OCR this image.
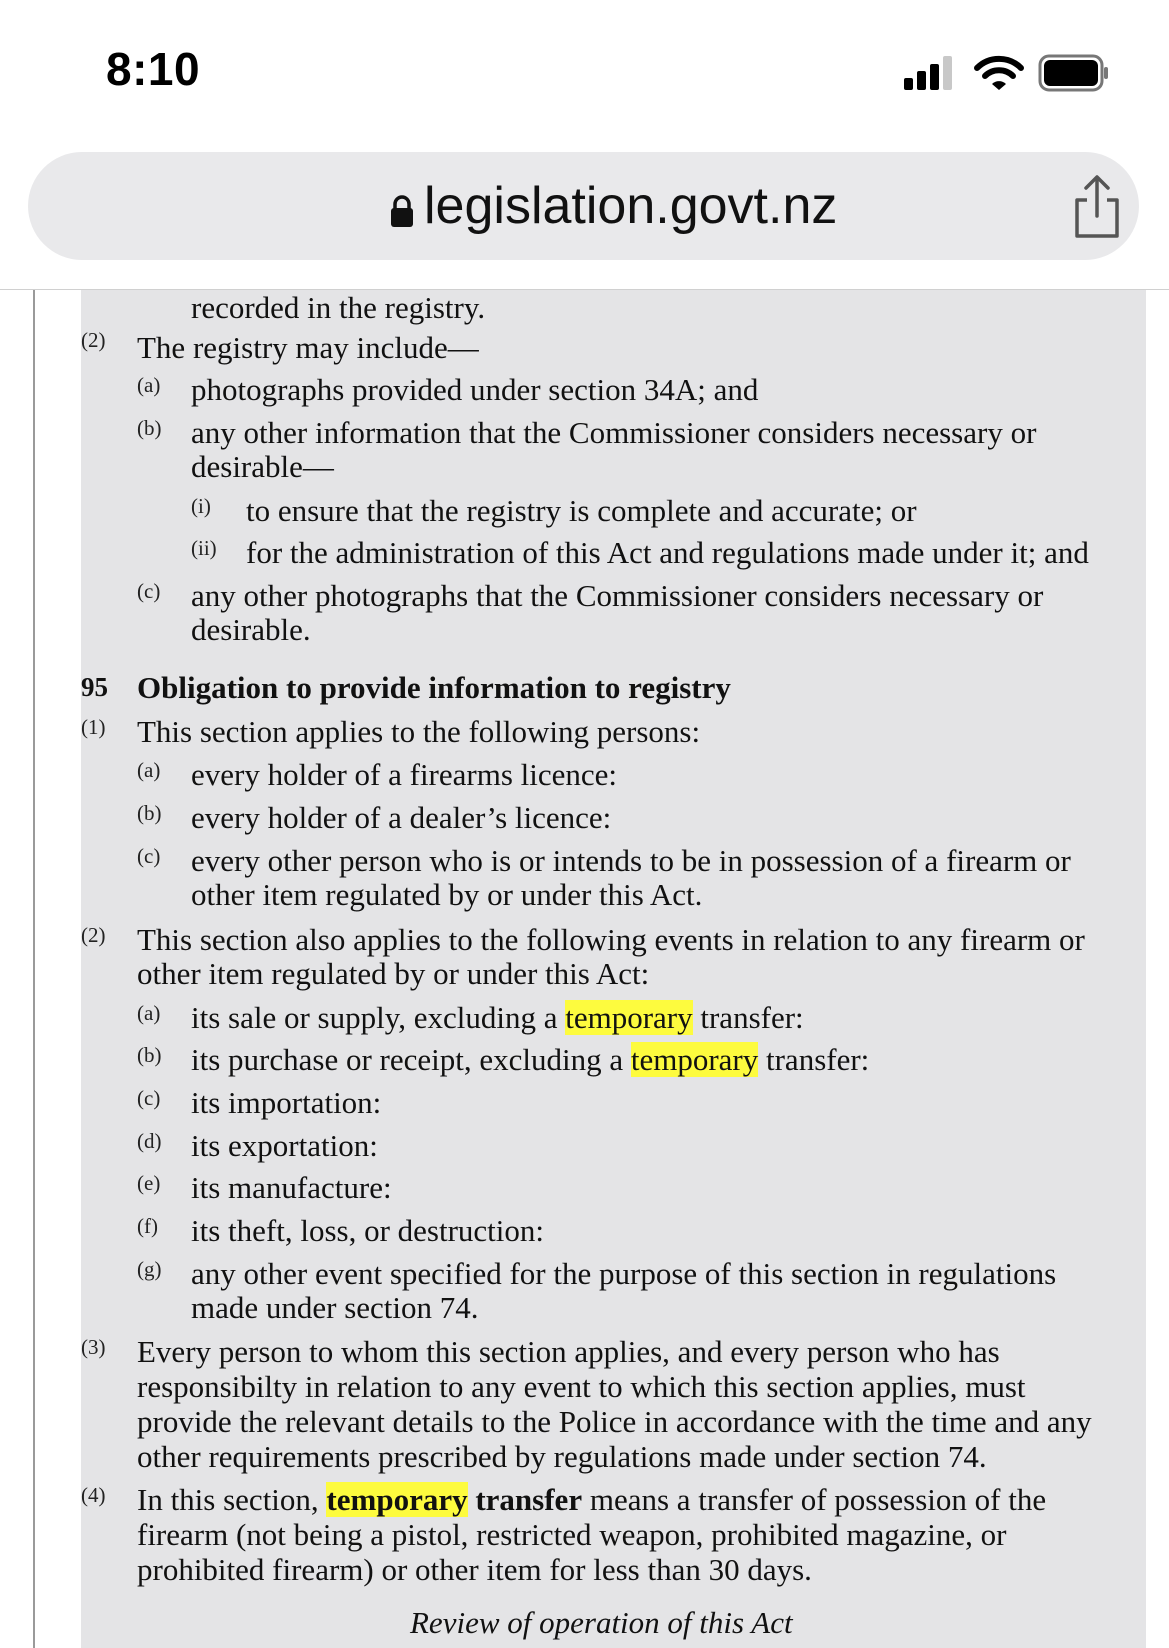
8:10
legislation.govt.nz
recorded in the registry.
(2) The registry may include—
(a) photographs provided under section 34A; and
(b) any other information that the Commissioner considers necessary or
desirable—
(i) to ensure that the registry is complete and accurate; or
(ii) for the administration of this Act and regulations made under it; and
(c) any other photographs that the Commissioner considers necessary or
desirable.
95 Obligation to provide information to registry
(1) This section applies to the following persons:
(a) every holder of a firearms licence:
(b) every holder of a dealer’s licence:
(c) every other person who is or intends to be in possession of a firearm or
other item regulated by or under this Act.
(2) This section also applies to the following events in relation to any firearm or
other item regulated by or under this Act:
(a) its sale or supply, excluding a temporary transfer:
(b) its purchase or receipt, excluding a temporary transfer:
(c) its importation:
(d) its exportation:
(e) its manufacture:
(f) its theft, loss, or destruction:
(g) any other event specified for the purpose of this section in regulations
made under section 74.
(3) Every person to whom this section applies, and every person who has
responsibilty in relation to any event to which this section applies, must
provide the relevant details to the Police in accordance with the time and any
other requirements prescribed by regulations made under section 74.
(4) In this section, temporary transfer means a transfer of possession of the
firearm (not being a pistol, restricted weapon, prohibited magazine, or
prohibited firearm) or other item for less than 30 days.
Review of operation of this Act
